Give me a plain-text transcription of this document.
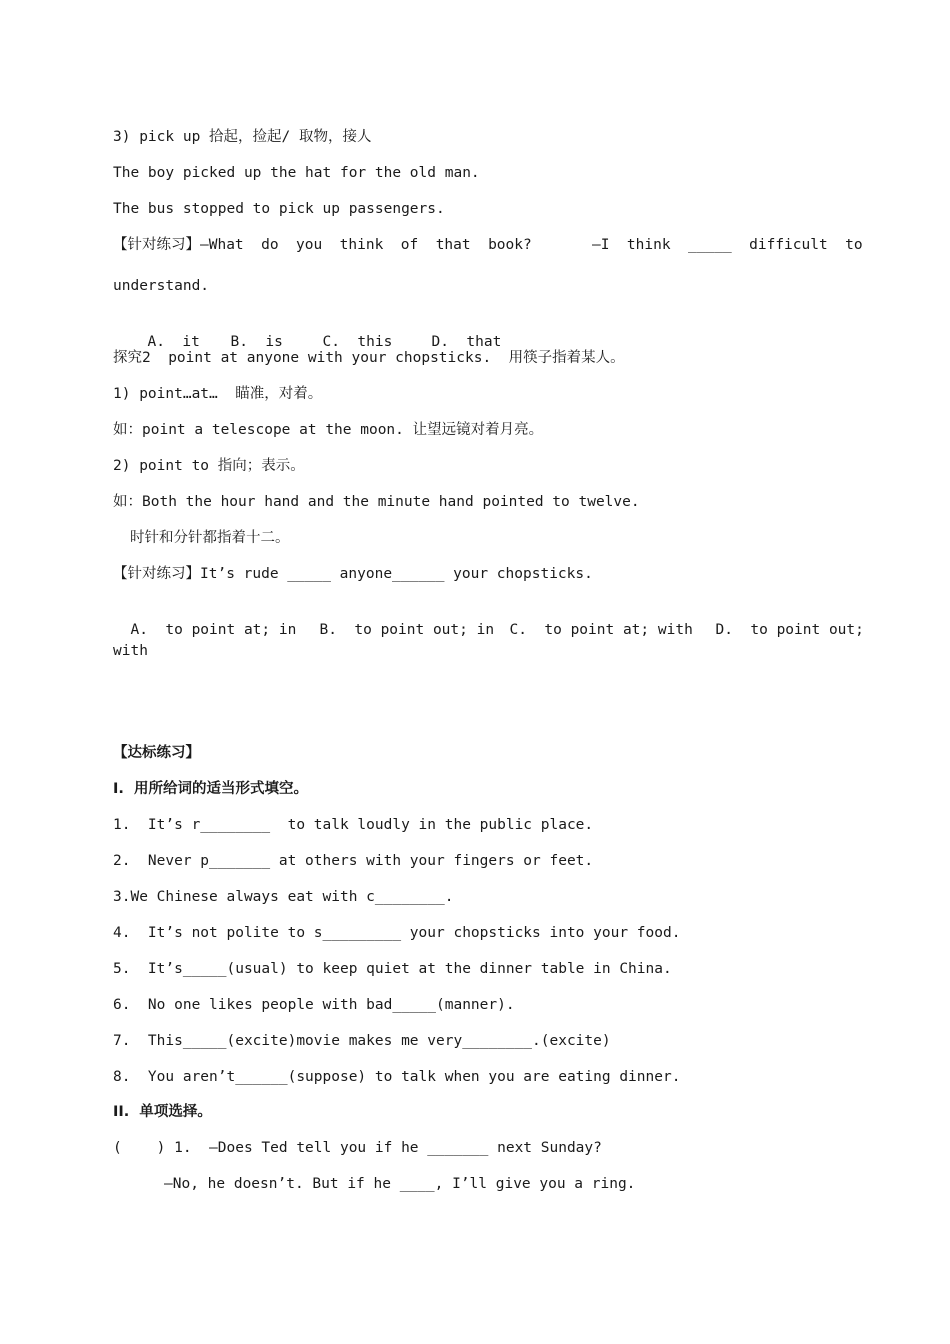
3) pick up 拾起，捡起/ 取物，接人
The boy picked up the hat for the old man.
The bus stopped to pick up passengers.
【针对练习】—What  do  you  think  of  that  book?	—I  think  _____  difficult  to
understand.

A.  it B.  is	C.  this	D.  that

探究2  point at anyone with your chopsticks.  用筷子指着某人。
1) point…at…  瞄准，对着。
如：point a telescope at the moon. 让望远镜对着月亮。
2) point to 指向；表示。
如：Both the hour hand and the minute hand pointed to twelve.
时针和分针都指着十二。
【针对练习】It’s rude _____ anyone______ your chopsticks.

A.  to point at; in B.  to point out; in C.  to point at; with D.  to point out;

with
【达标练习】
I.  用所给词的适当形式填空。
1.  It’s r________  to talk loudly in the public place.
2.  Never p_______ at others with your fingers or feet.
3.We Chinese always eat with c________.
4.  It’s not polite to s_________ your chopsticks into your food.
5.  It’s_____(usual) to keep quiet at the dinner table in China.
6.  No one likes people with bad_____(manner).
7.  This_____(excite)movie makes me very________.(excite)
8.  You aren’t______(suppose) to talk when you are eating dinner.
II.  单项选择。
(    ) 1.  —Does Ted tell you if he _______ next Sunday?
—No, he doesn’t. But if he ____, I’ll give you a ring.
